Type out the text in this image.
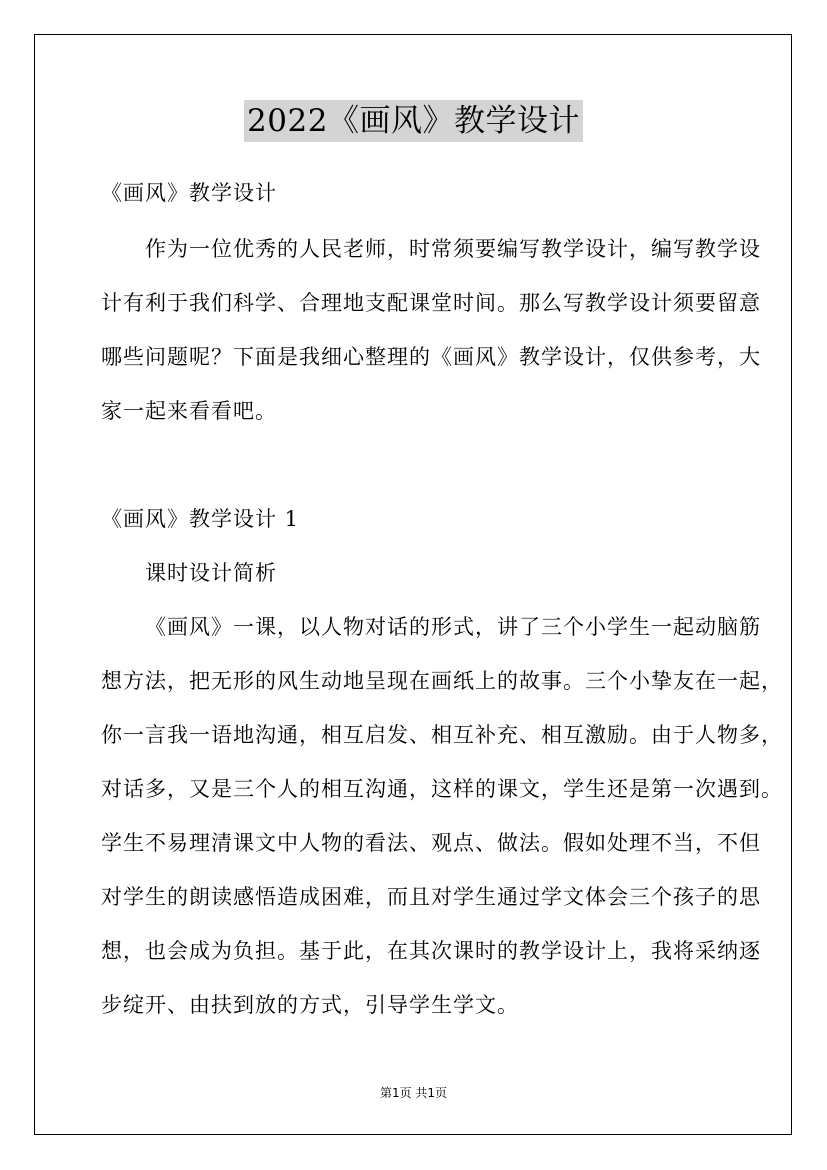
2022《画风》教学设计
《画风》教学设计
作为一位优秀的人民老师，时常须要编写教学设计，编写教学设
计有利于我们科学、合理地支配课堂时间。那么写教学设计须要留意
哪些问题呢？下面是我细心整理的《画风》教学设计，仅供参考，大
家一起来看看吧。
《画风》教学设计 1
课时设计简析
《画风》一课，以人物对话的形式，讲了三个小学生一起动脑筋
想方法，把无形的风生动地呈现在画纸上的故事。三个小挚友在一起，
你一言我一语地沟通，相互启发、相互补充、相互激励。由于人物多，
对话多，又是三个人的相互沟通，这样的课文，学生还是第一次遇到。
学生不易理清课文中人物的看法、观点、做法。假如处理不当，不但
对学生的朗读感悟造成困难，而且对学生通过学文体会三个孩子的思
想，也会成为负担。基于此，在其次课时的教学设计上，我将采纳逐
步绽开、由扶到放的方式，引导学生学文。
第1页 共1页
